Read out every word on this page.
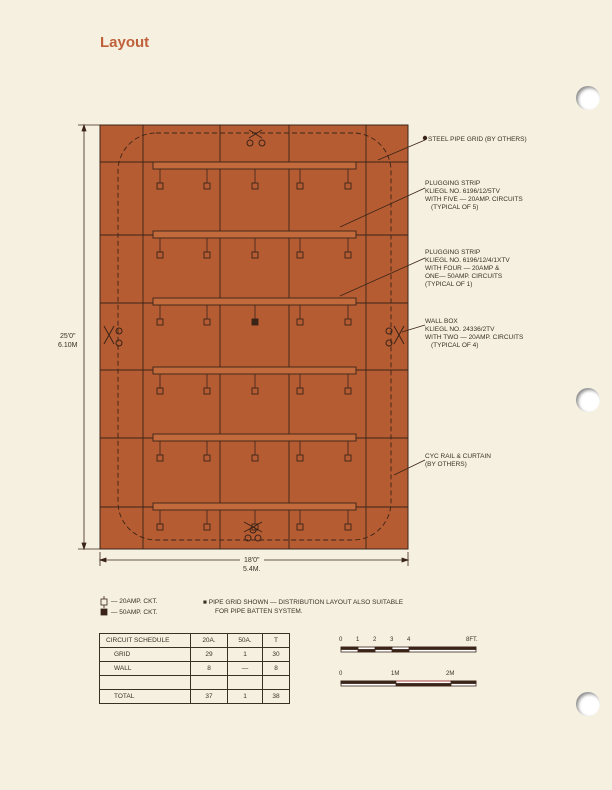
Layout
STEEL PIPE GRID (BY OTHERS)
PLUGGING STRIP
KLIEGL NO. 6196/12/5TV
WITH FIVE — 20AMP. CIRCUITS
(TYPICAL OF 5)
PLUGGING STRIP
KLIEGL NO. 6196/12/4/1XTV
WITH FOUR — 20AMP &
ONE— 50AMP. CIRCUITS
(TYPICAL OF 1)
WALL BOX
KLIEGL NO. 24336/2TV
WITH TWO — 20AMP. CIRCUITS
(TYPICAL OF 4)
CYC RAIL & CURTAIN
(BY OTHERS)
25'0"
6.10M
18'0"
5.4M.
— 20AMP. CKT.
— 50AMP. CKT.
■ PIPE GRID SHOWN — DISTRIBUTION LAYOUT ALSO SUITABLE
FOR PIPE BATTEN SYSTEM.
CIRCUIT SCHEDULE	20A.	50A.	T
GRID	29	1	30
WALL	8	—	8

TOTAL	37	1	38
0 1 2 3 4	8FT.
0	1M	2M
